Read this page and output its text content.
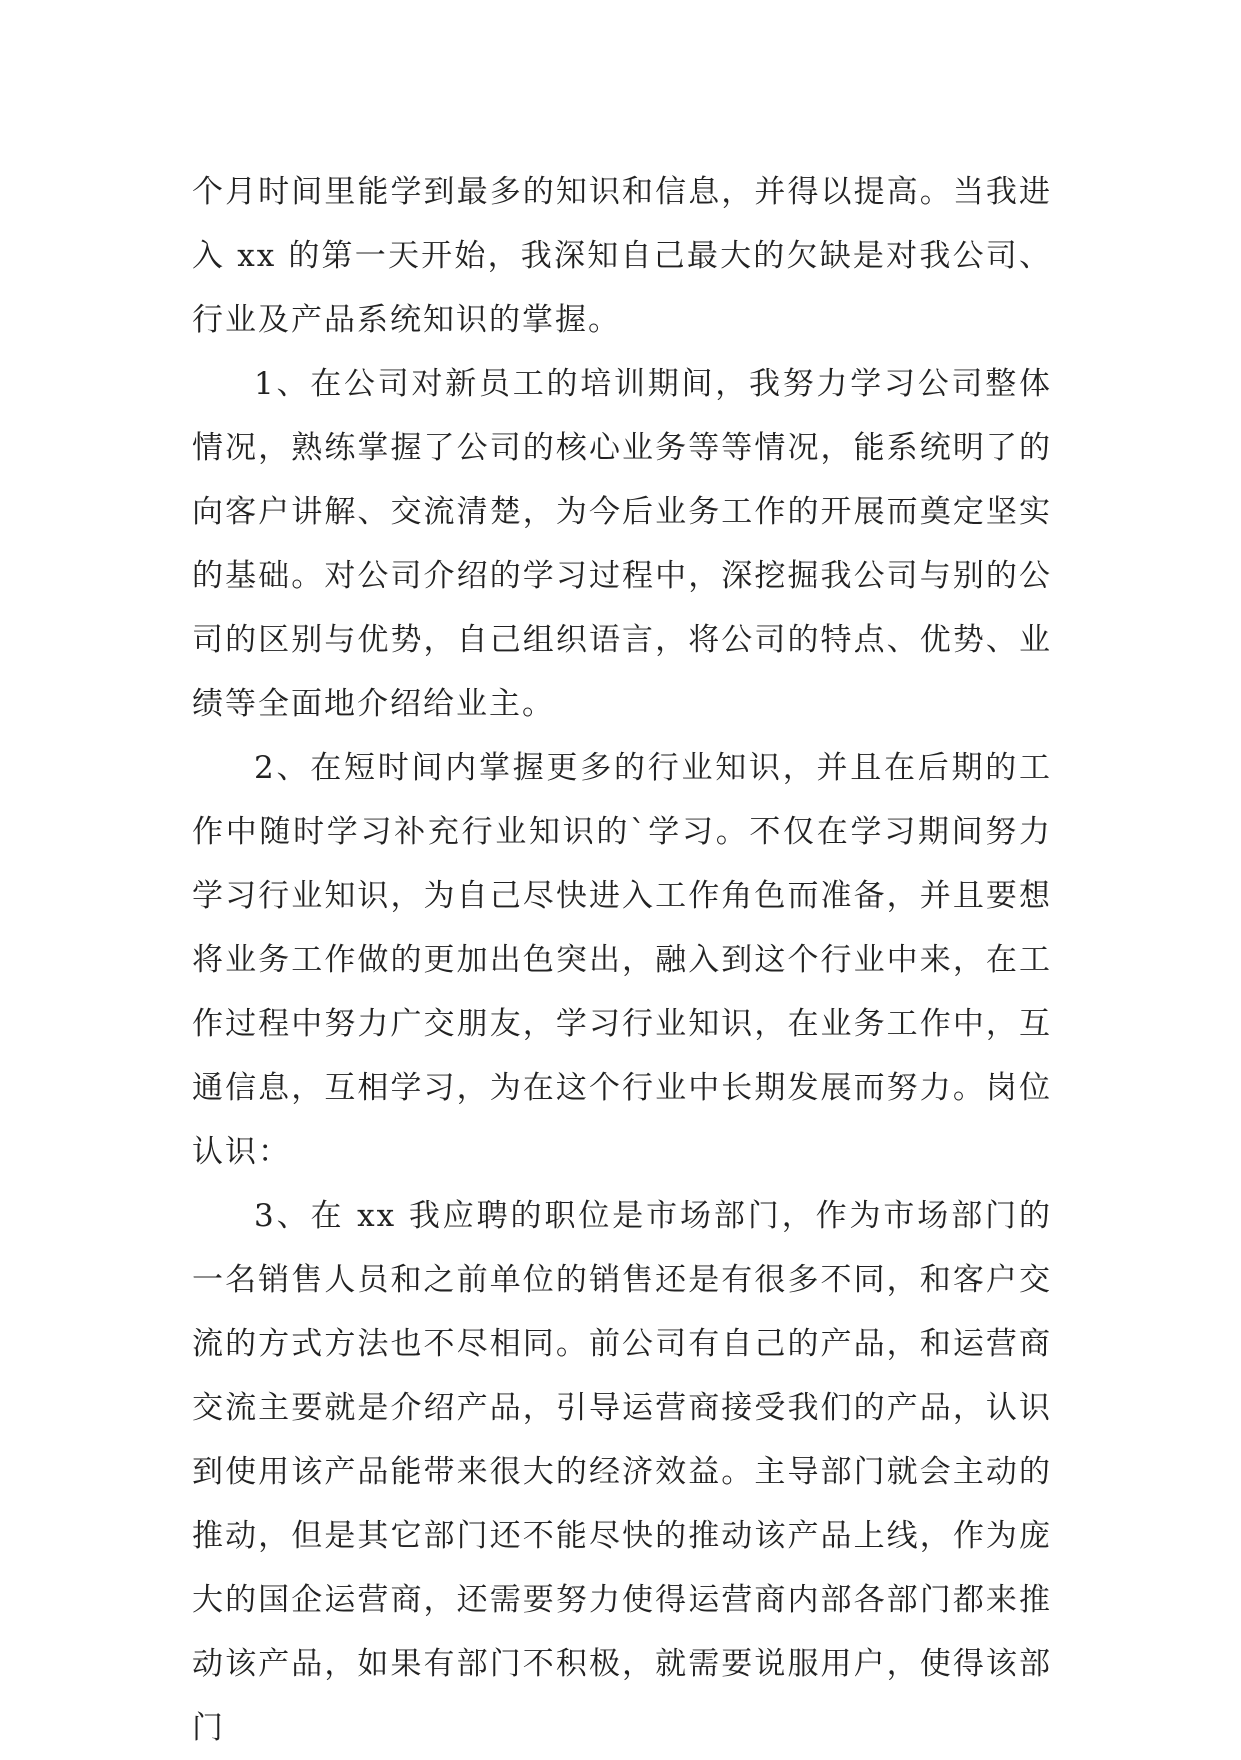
个月时间里能学到最多的知识和信息，并得以提高。当我进入 xx 的第一天开始，我深知自己最大的欠缺是对我公司、行业及产品系统知识的掌握。

1、在公司对新员工的培训期间，我努力学习公司整体情况，熟练掌握了公司的核心业务等等情况，能系统明了的向客户讲解、交流清楚，为今后业务工作的开展而奠定坚实的基础。对公司介绍的学习过程中，深挖掘我公司与别的公司的区别与优势，自己组织语言，将公司的特点、优势、业绩等全面地介绍给业主。

2、在短时间内掌握更多的行业知识，并且在后期的工作中随时学习补充行业知识的`学习。不仅在学习期间努力学习行业知识，为自己尽快进入工作角色而准备，并且要想将业务工作做的更加出色突出，融入到这个行业中来，在工作过程中努力广交朋友，学习行业知识，在业务工作中，互通信息，互相学习，为在这个行业中长期发展而努力。岗位认识：

3、在 xx 我应聘的职位是市场部门，作为市场部门的一名销售人员和之前单位的销售还是有很多不同，和客户交流的方式方法也不尽相同。前公司有自己的产品，和运营商交流主要就是介绍产品，引导运营商接受我们的产品，认识到使用该产品能带来很大的经济效益。主导部门就会主动的推动，但是其它部门还不能尽快的推动该产品上线，作为庞大的国企运营商，还需要努力使得运营商内部各部门都来推动该产品，如果有部门不积极，就需要说服用户，使得该部门
